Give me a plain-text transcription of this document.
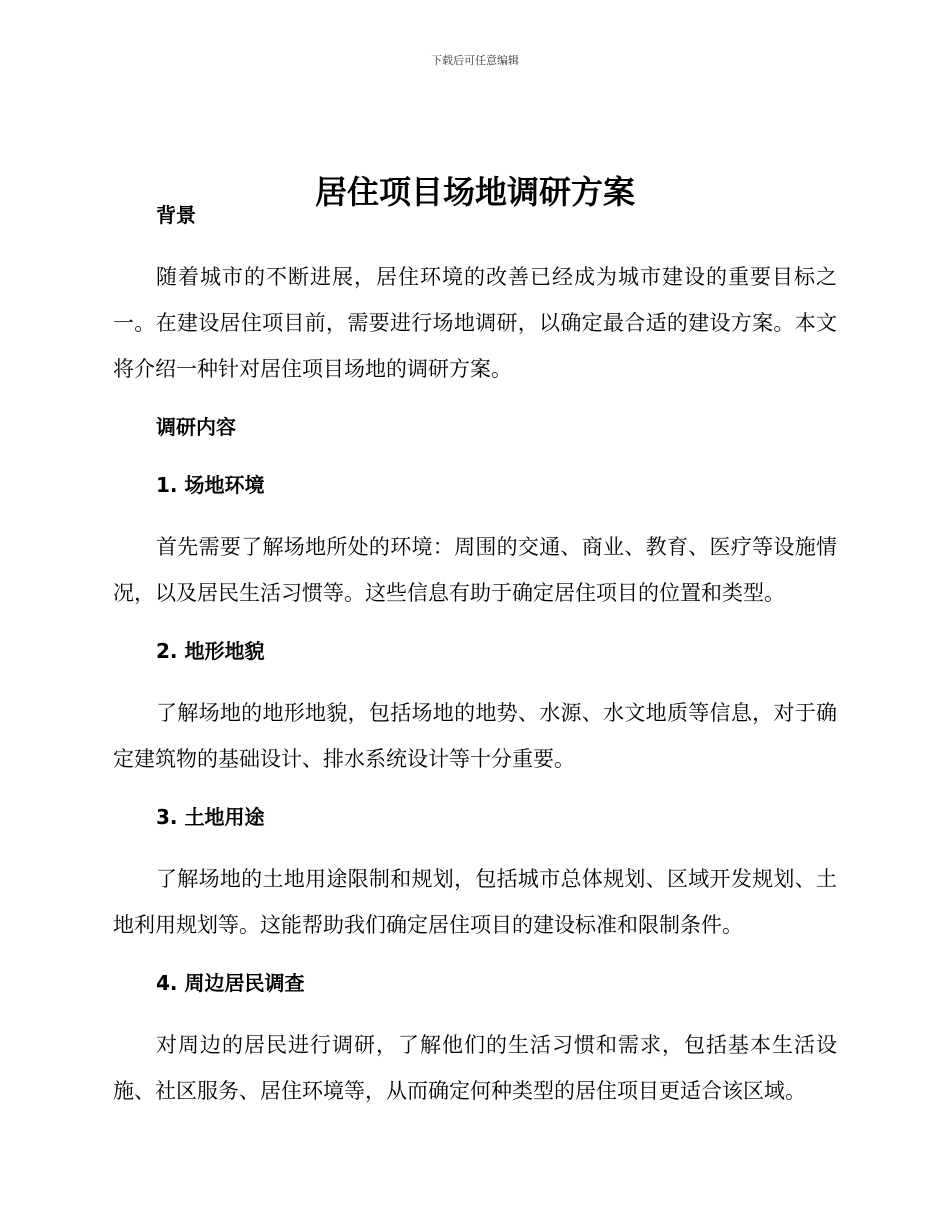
下载后可任意编辑
居住项目场地调研方案

背景

随着城市的不断进展，居住环境的改善已经成为城市建设的重要目标之一。在建设居住项目前，需要进行场地调研，以确定最合适的建设方案。本文将介绍一种针对居住项目场地的调研方案。

调研内容

1. 场地环境

首先需要了解场地所处的环境：周围的交通、商业、教育、医疗等设施情况，以及居民生活习惯等。这些信息有助于确定居住项目的位置和类型。

2. 地形地貌

了解场地的地形地貌，包括场地的地势、水源、水文地质等信息，对于确定建筑物的基础设计、排水系统设计等十分重要。

3. 土地用途

了解场地的土地用途限制和规划，包括城市总体规划、区域开发规划、土地利用规划等。这能帮助我们确定居住项目的建设标准和限制条件。

4. 周边居民调查

对周边的居民进行调研，了解他们的生活习惯和需求，包括基本生活设施、社区服务、居住环境等，从而确定何种类型的居住项目更适合该区域。
